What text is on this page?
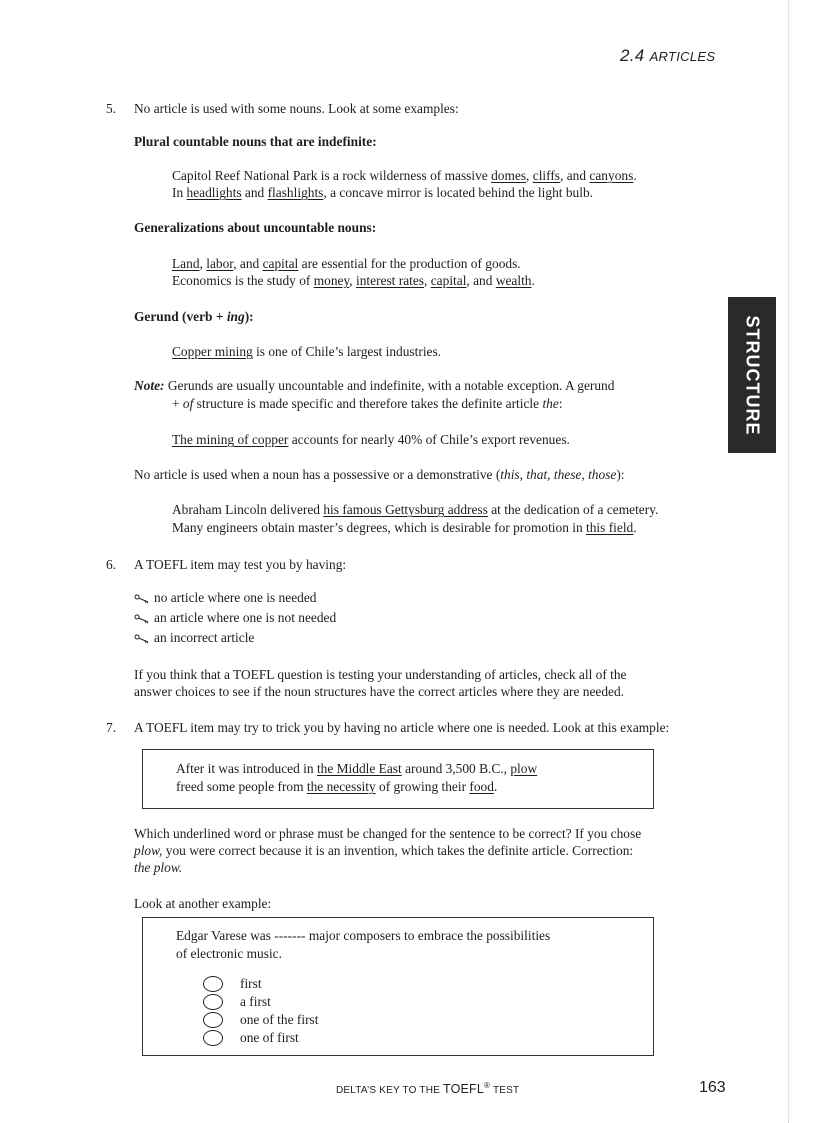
2.4 ARTICLES
STRUCTURE
5. No article is used with some nouns. Look at some examples:
Plural countable nouns that are indefinite:
Capitol Reef National Park is a rock wilderness of massive domes, cliffs, and canyons.
In headlights and flashlights, a concave mirror is located behind the light bulb.
Generalizations about uncountable nouns:
Land, labor, and capital are essential for the production of goods.
Economics is the study of money, interest rates, capital, and wealth.
Gerund (verb + ing):
Copper mining is one of Chile’s largest industries.
Note: Gerunds are usually uncountable and indefinite, with a notable exception. A gerund
+ of structure is made specific and therefore takes the definite article the:
The mining of copper accounts for nearly 40% of Chile’s export revenues.
No article is used when a noun has a possessive or a demonstrative (this, that, these, those):
Abraham Lincoln delivered his famous Gettysburg address at the dedication of a cemetery.
Many engineers obtain master’s degrees, which is desirable for promotion in this field.
6. A TOEFL item may test you by having:
no article where one is needed
an article where one is not needed
an incorrect article
If you think that a TOEFL question is testing your understanding of articles, check all of the
answer choices to see if the noun structures have the correct articles where they are needed.
7. A TOEFL item may try to trick you by having no article where one is needed. Look at this example:
After it was introduced in the Middle East around 3,500 B.C., plow
freed some people from the necessity of growing their food.
Which underlined word or phrase must be changed for the sentence to be correct? If you chose
plow, you were correct because it is an invention, which takes the definite article. Correction:
the plow.
Look at another example:
Edgar Varese was ------- major composers to embrace the possibilities
of electronic music.
first
a first
one of the first
one of first
DELTA’S KEY TO THE TOEFL® TEST	163
